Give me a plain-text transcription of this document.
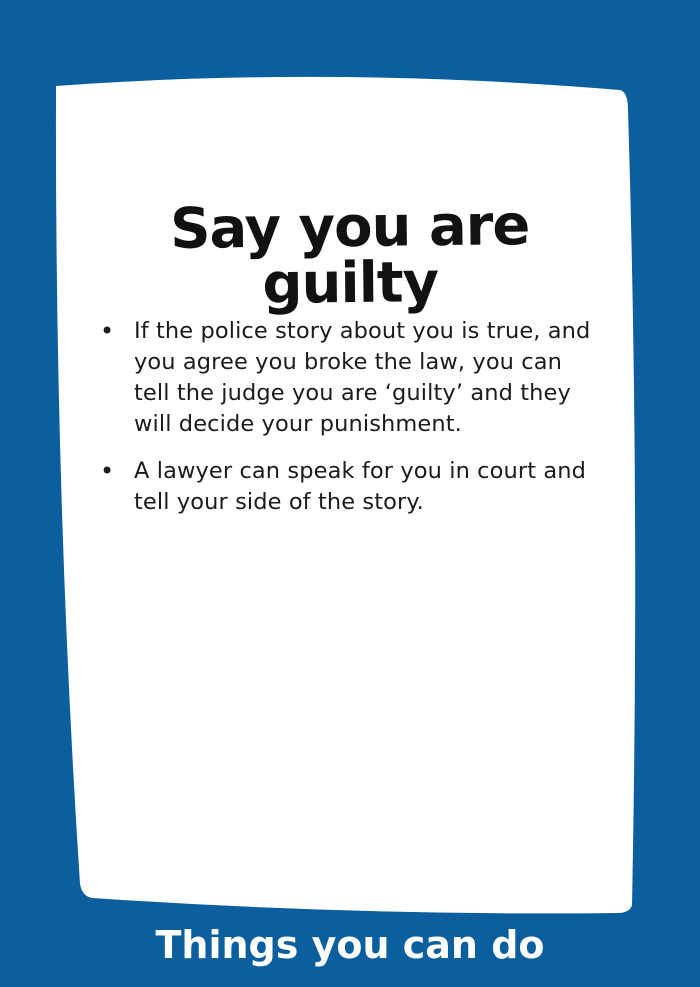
Say you are guilty
• If the police story about you is true, and you agree you broke the law, you can tell the judge you are ‘guilty’ and they will decide your punishment.
• A lawyer can speak for you in court and tell your side of the story.
Things you can do
